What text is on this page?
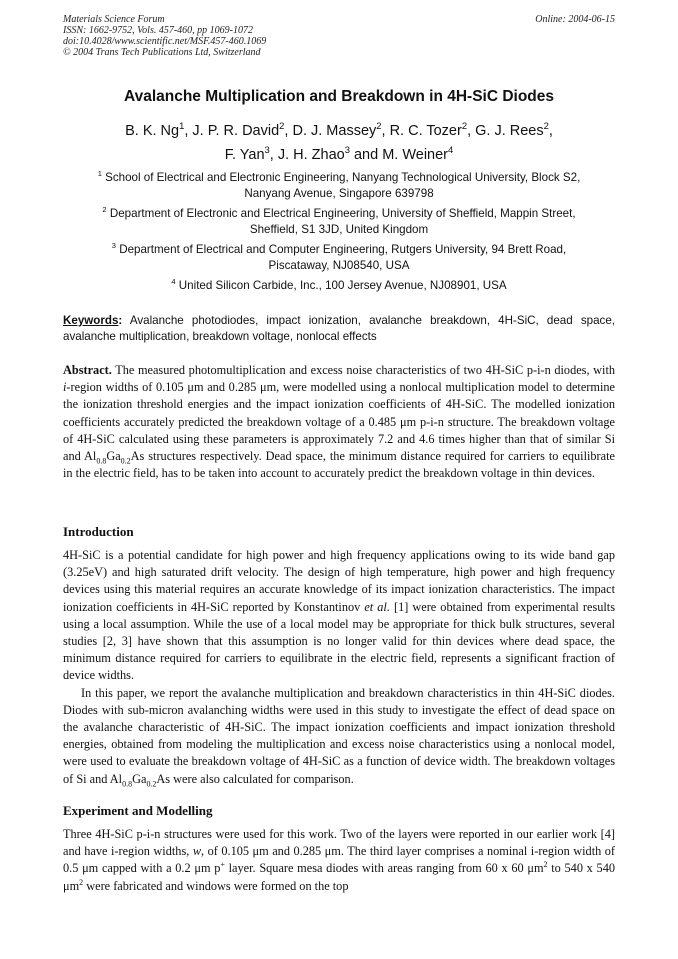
Materials Science Forum
ISSN: 1662-9752, Vols. 457-460, pp 1069-1072
doi:10.4028/www.scientific.net/MSF.457-460.1069
© 2004 Trans Tech Publications Ltd, Switzerland
Online: 2004-06-15
Avalanche Multiplication and Breakdown in 4H-SiC Diodes
B. K. Ng$^1$, J. P. R. David$^2$, D. J. Massey$^2$, R. C. Tozer$^2$, G. J. Rees$^2$,
F. Yan$^3$, J. H. Zhao$^3$ and M. Weiner$^4$
$^1$ School of Electrical and Electronic Engineering, Nanyang Technological University, Block S2,
Nanyang Avenue, Singapore 639798
$^2$ Department of Electronic and Electrical Engineering, University of Sheffield, Mappin Street,
Sheffield, S1 3JD, United Kingdom
$^3$ Department of Electrical and Computer Engineering, Rutgers University, 94 Brett Road,
Piscataway, NJ08540, USA
$^4$ United Silicon Carbide, Inc., 100 Jersey Avenue, NJ08901, USA
Keywords: Avalanche photodiodes, impact ionization, avalanche breakdown, 4H-SiC, dead space, avalanche multiplication, breakdown voltage, nonlocal effects

Abstract. The measured photomultiplication and excess noise characteristics of two 4H-SiC p-i-n diodes, with i-region widths of 0.105 μm and 0.285 μm, were modelled using a nonlocal multiplication model to determine the ionization threshold energies and the impact ionization coefficients of 4H-SiC. The modelled ionization coefficients accurately predicted the breakdown voltage of a 0.485 μm p-i-n structure. The breakdown voltage of 4H-SiC calculated using these parameters is approximately 7.2 and 4.6 times higher than that of similar Si and $Al_{0.8}Ga_{0.2}As$ structures respectively. Dead space, the minimum distance required for carriers to equilibrate in the electric field, has to be taken into account to accurately predict the breakdown voltage in thin devices.

Introduction

4H-SiC is a potential candidate for high power and high frequency applications owing to its wide band gap (3.25eV) and high saturated drift velocity. The design of high temperature, high power and high frequency devices using this material requires an accurate knowledge of its impact ionization characteristics. The impact ionization coefficients in 4H-SiC reported by Konstantinov et al. [1] were obtained from experimental results using a local assumption. While the use of a local model may be appropriate for thick bulk structures, several studies [2, 3] have shown that this assumption is no longer valid for thin devices where dead space, the minimum distance required for carriers to equilibrate in the electric field, represents a significant fraction of device widths.

In this paper, we report the avalanche multiplication and breakdown characteristics in thin 4H-SiC diodes. Diodes with sub-micron avalanching widths were used in this study to investigate the effect of dead space on the avalanche characteristic of 4H-SiC. The impact ionization coefficients and impact ionization threshold energies, obtained from modeling the multiplication and excess noise characteristics using a nonlocal model, were used to evaluate the breakdown voltage of 4H-SiC as a function of device width. The breakdown voltages of Si and $Al_{0.8}Ga_{0.2}As$ were also calculated for comparison.

Experiment and Modelling

Three 4H-SiC p-i-n structures were used for this work. Two of the layers were reported in our earlier work [4] and have i-region widths, w, of 0.105 μm and 0.285 μm. The third layer comprises a nominal i-region width of 0.5 μm capped with a 0.2 μm p+ layer. Square mesa diodes with areas ranging from 60 x 60 $\mu m^2$ to 540 x 540 $\mu m^2$ were fabricated and windows were formed on the top
